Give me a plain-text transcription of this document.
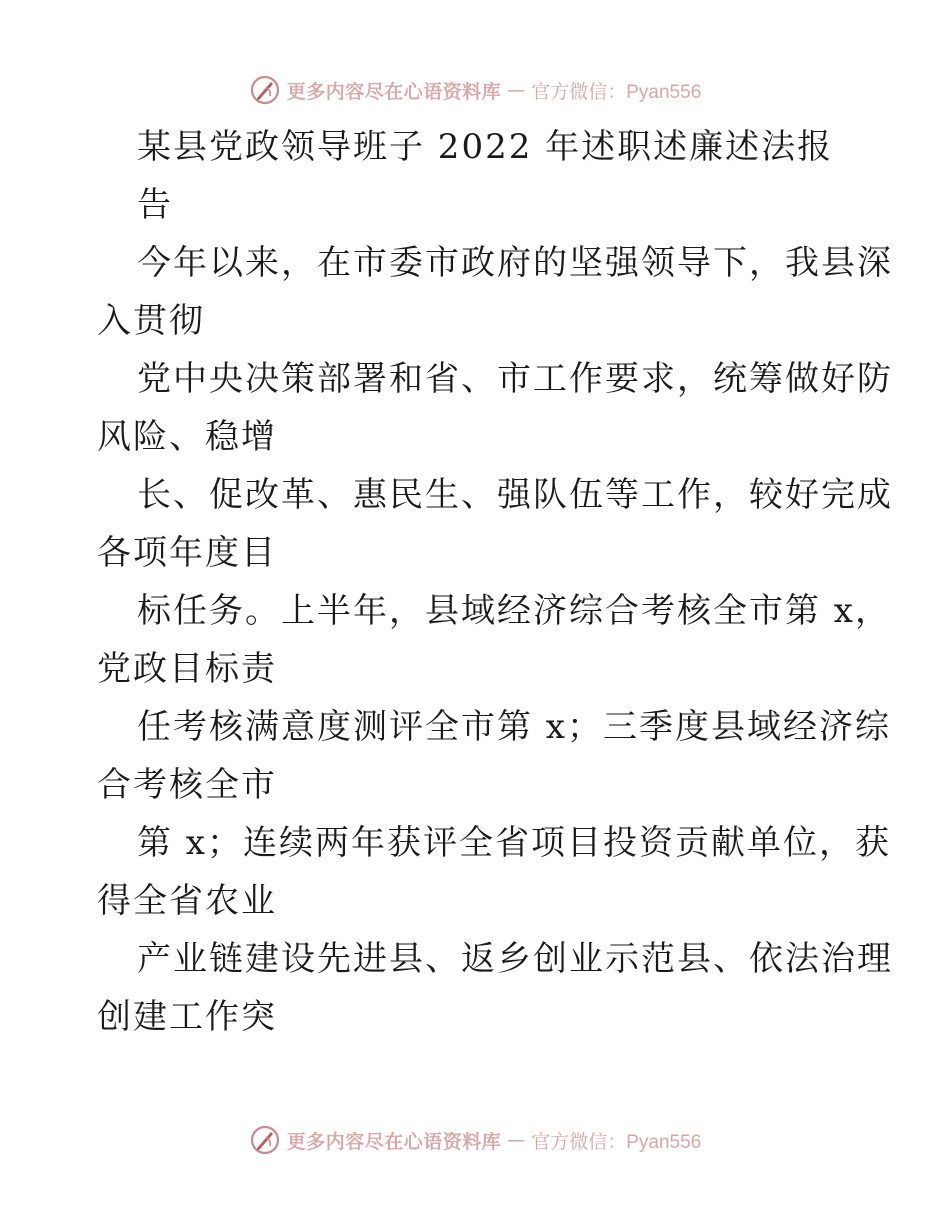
更多内容尽在心语资料库 — 官方微信：Pyan556
某县党政领导班子 2022 年述职述廉述法报
告
今年以来，在市委市政府的坚强领导下，我县深
入贯彻
党中央决策部署和省、市工作要求，统筹做好防
风险、稳增
长、促改革、惠民生、强队伍等工作，较好完成
各项年度目
标任务。上半年，县域经济综合考核全市第 x，
党政目标责
任考核满意度测评全市第 x；三季度县域经济综
合考核全市
第 x；连续两年获评全省项目投资贡献单位，获
得全省农业
产业链建设先进县、返乡创业示范县、依法治理
创建工作突
更多内容尽在心语资料库 — 官方微信：Pyan556
